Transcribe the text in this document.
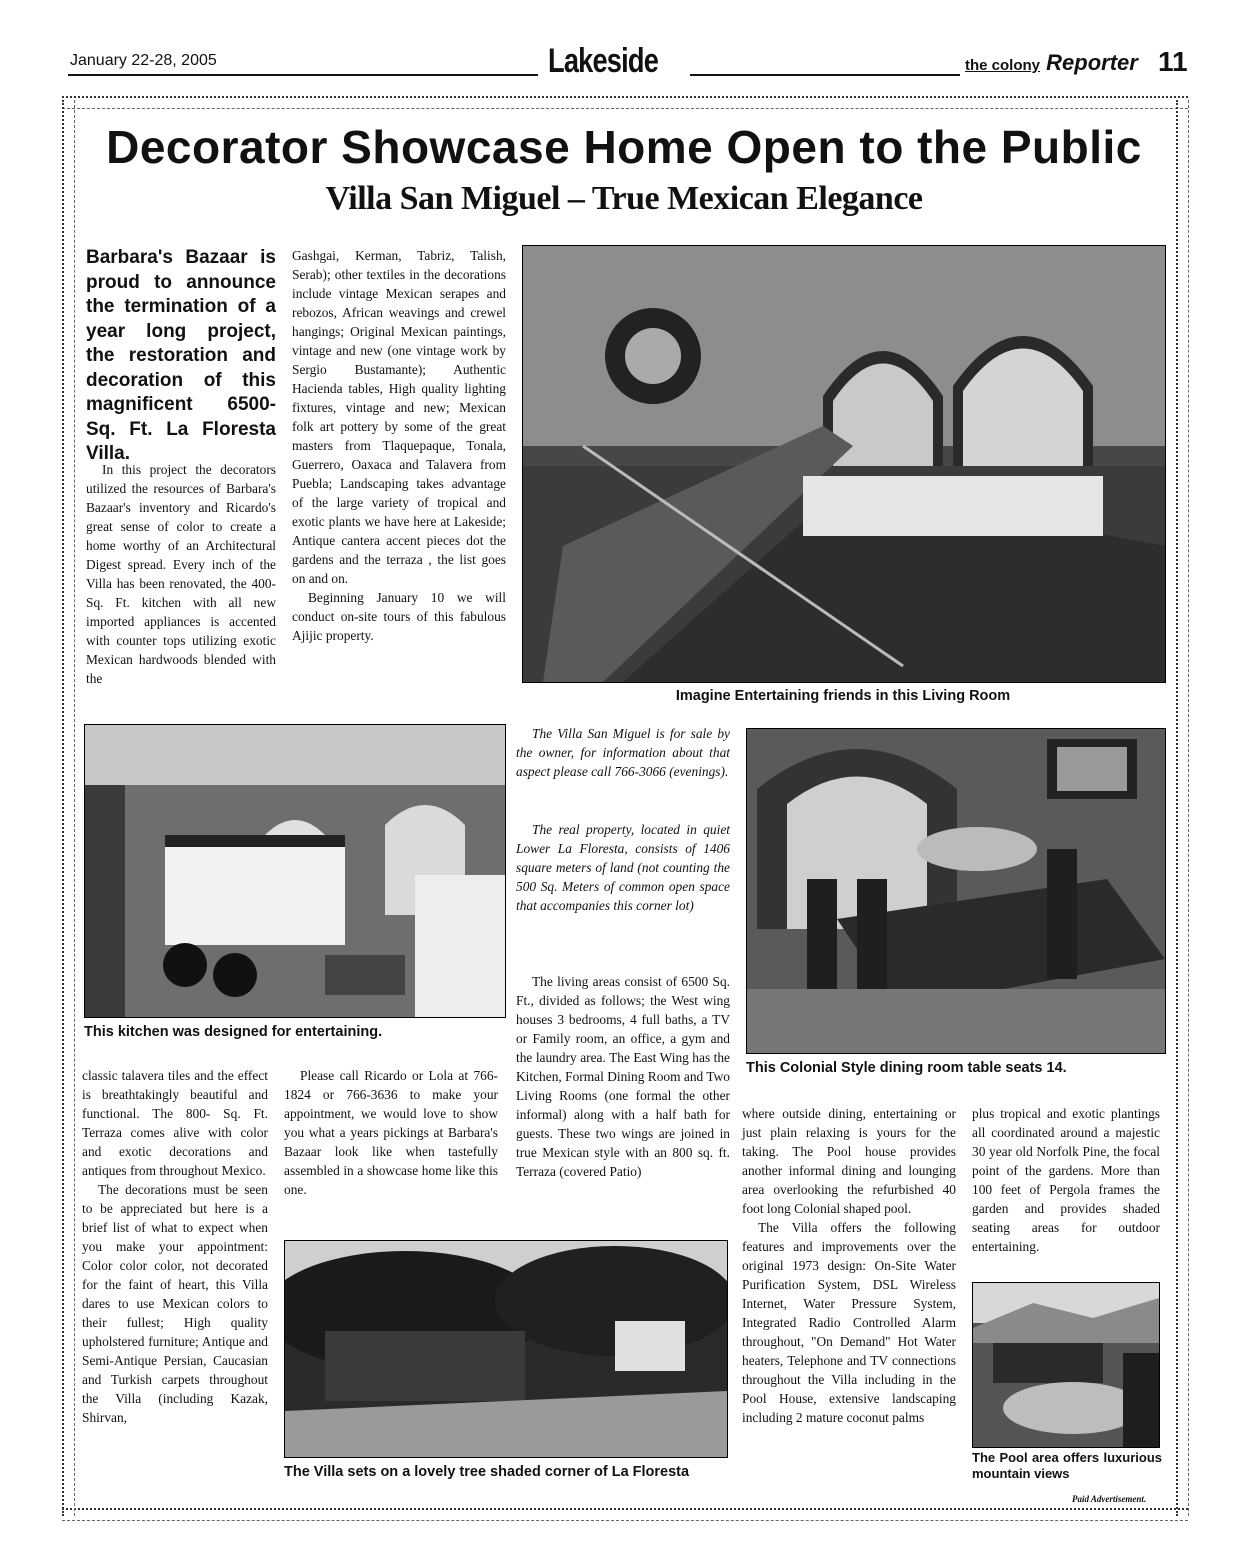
January 22-28, 2005	Lakeside	the colony Reporter 11
Decorator Showcase Home Open to the Public
Villa San Miguel – True Mexican Elegance
Barbara's Bazaar is proud to announce the termination of a year long project, the restoration and decoration of this magnificent 6500-Sq. Ft. La Floresta Villa.

In this project the decorators utilized the resources of Barbara's Bazaar's inventory and Ricardo's great sense of color to create a home worthy of an Architectural Digest spread. Every inch of the Villa has been renovated, the 400- Sq. Ft. kitchen with all new imported appliances is accented with counter tops utilizing exotic Mexican hardwoods blended with the

Gashgai, Kerman, Tabriz, Talish, Serab); other textiles in the decorations include vintage Mexican serapes and rebozos, African weavings and crewel hangings; Original Mexican paintings, vintage and new (one vintage work by Sergio Bustamante); Authentic Hacienda tables, High quality lighting fixtures, vintage and new; Mexican folk art pottery by some of the great masters from Tlaquepaque, Tonala, Guerrero, Oaxaca and Talavera from Puebla; Landscaping takes advantage of the large variety of tropical and exotic plants we have here at Lakeside; Antique cantera accent pieces dot the gardens and the terraza , the list goes on and on.

Beginning January 10 we will conduct on-site tours of this fabulous Ajijic property.

Imagine Entertaining friends in this Living Room
This kitchen was designed for entertaining.

The Villa San Miguel is for sale by the owner, for information about that aspect please call 766-3066 (evenings).

The real property, located in quiet Lower La Floresta, consists of 1406 square meters of land (not counting the 500 Sq. Meters of common open space that accompanies this corner lot)

The living areas consist of 6500 Sq. Ft., divided as follows; the West wing houses 3 bedrooms, 4 full baths, a TV or Family room, an office, a gym and the laundry area. The East Wing has the Kitchen, Formal Dining Room and Two Living Rooms (one formal the other informal) along with a half bath for guests. These two wings are joined in true Mexican style with an 800 sq. ft. Terraza (covered Patio)

This Colonial Style dining room table seats 14.

classic talavera tiles and the effect is breathtakingly beautiful and functional. The 800- Sq. Ft. Terraza comes alive with color and exotic decorations and antiques from throughout Mexico.

The decorations must be seen to be appreciated but here is a brief list of what to expect when you make your appointment: Color color color, not decorated for the faint of heart, this Villa dares to use Mexican colors to their fullest; High quality upholstered furniture; Antique and Semi-Antique Persian, Caucasian and Turkish carpets throughout the Villa (including Kazak, Shirvan,

Please call Ricardo or Lola at 766-1824 or 766-3636 to make your appointment, we would love to show you what a years pickings at Barbara's Bazaar look like when tastefully assembled in a showcase home like this one.

The Villa sets on a lovely tree shaded corner of La Floresta

where outside dining, entertaining or just plain relaxing is yours for the taking. The Pool house provides another informal dining and lounging area overlooking the refurbished 40 foot long Colonial shaped pool.

The Villa offers the following features and improvements over the original 1973 design: On-Site Water Purification System, DSL Wireless Internet, Water Pressure System, Integrated Radio Controlled Alarm throughout, "On Demand" Hot Water heaters, Telephone and TV connections throughout the Villa including in the Pool House, extensive landscaping including 2 mature coconut palms

plus tropical and exotic plantings all coordinated around a majestic 30 year old Norfolk Pine, the focal point of the gardens. More than 100 feet of Pergola frames the garden and provides shaded seating areas for outdoor entertaining.

The Pool area offers luxurious mountain views
Paid Advertisement.
